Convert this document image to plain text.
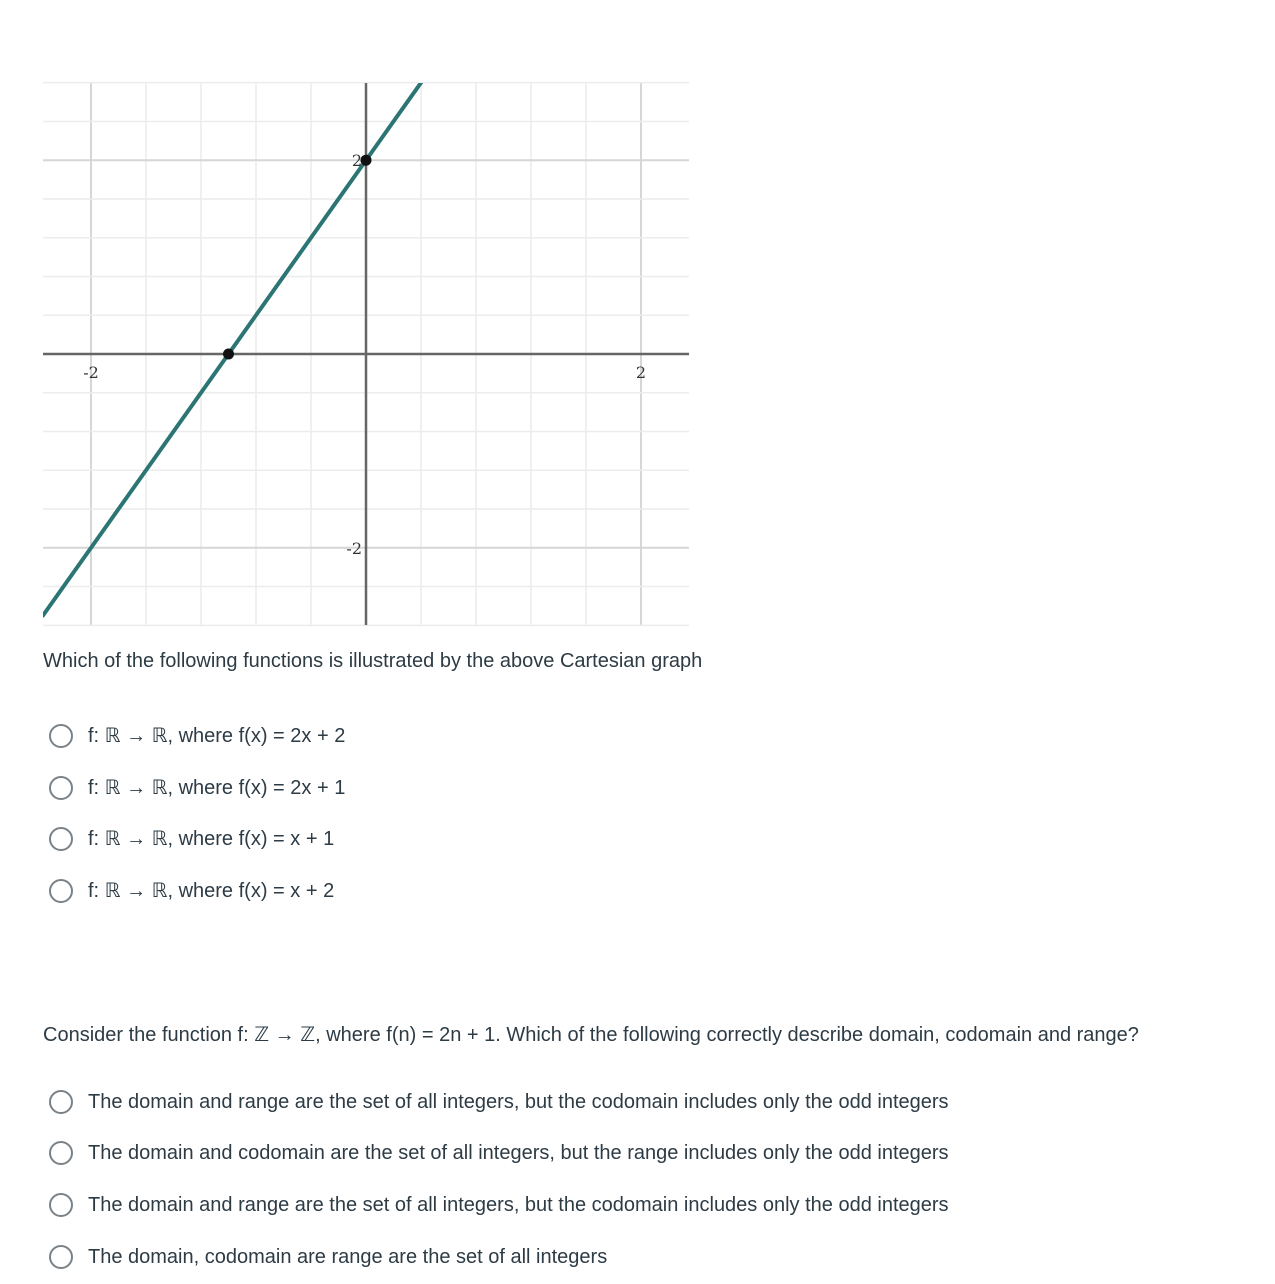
-2	2
2
-2
Which of the following functions is illustrated by the above Cartesian graph
f: ℝ → ℝ, where f(x) = 2x + 2
f: ℝ → ℝ, where f(x) = 2x + 1
f: ℝ → ℝ, where f(x) = x + 1
f: ℝ → ℝ, where f(x) = x + 2
Consider the function f: ℤ → ℤ, where f(n) = 2n + 1. Which of the following correctly describe domain, codomain and range?
The domain and range are the set of all integers, but the codomain includes only the odd integers
The domain and codomain are the set of all integers, but the range includes only the odd integers
The domain and range are the set of all integers, but the codomain includes only the odd integers
The domain, codomain are range are the set of all integers
